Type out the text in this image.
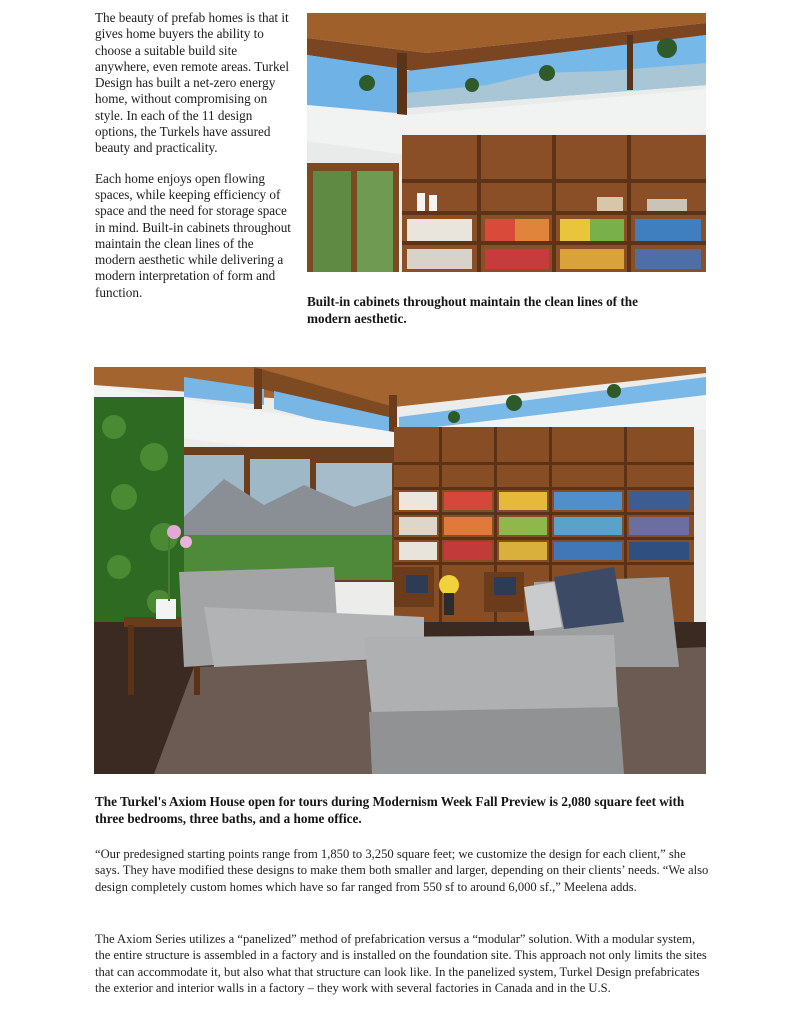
The beauty of prefab homes is that it gives home buyers the ability to choose a suitable build site anywhere, even remote areas. Turkel Design has built a net-zero energy home, without compromising on style. In each of the 11 design options, the Turkels have assured beauty and practicality.

Each home enjoys open flowing spaces, while keeping efficiency of space and the need for storage space in mind. Built-in cabinets throughout maintain the clean lines of the modern aesthetic while delivering a modern interpretation of form and function.

Built-in cabinets throughout maintain the clean lines of the modern aesthetic.

The Turkel's Axiom House open for tours during Modernism Week Fall Preview is 2,080 square feet with three bedrooms, three baths, and a home office.

“Our predesigned starting points range from 1,850 to 3,250 square feet; we customize the design for each client,” she says. They have modified these designs to make them both smaller and larger, depending on their clients’ needs. “We also design completely custom homes which have so far ranged from 550 sf to around 6,000 sf.,” Meelena adds.

The Axiom Series utilizes a “panelized” method of prefabrication versus a “modular” solution. With a modular system, the entire structure is assembled in a factory and is installed on the foundation site. This approach not only limits the sites that can accommodate it, but also what that structure can look like. In the panelized system, Turkel Design prefabricates the exterior and interior walls in a factory – they work with several factories in Canada and in the U.S.
